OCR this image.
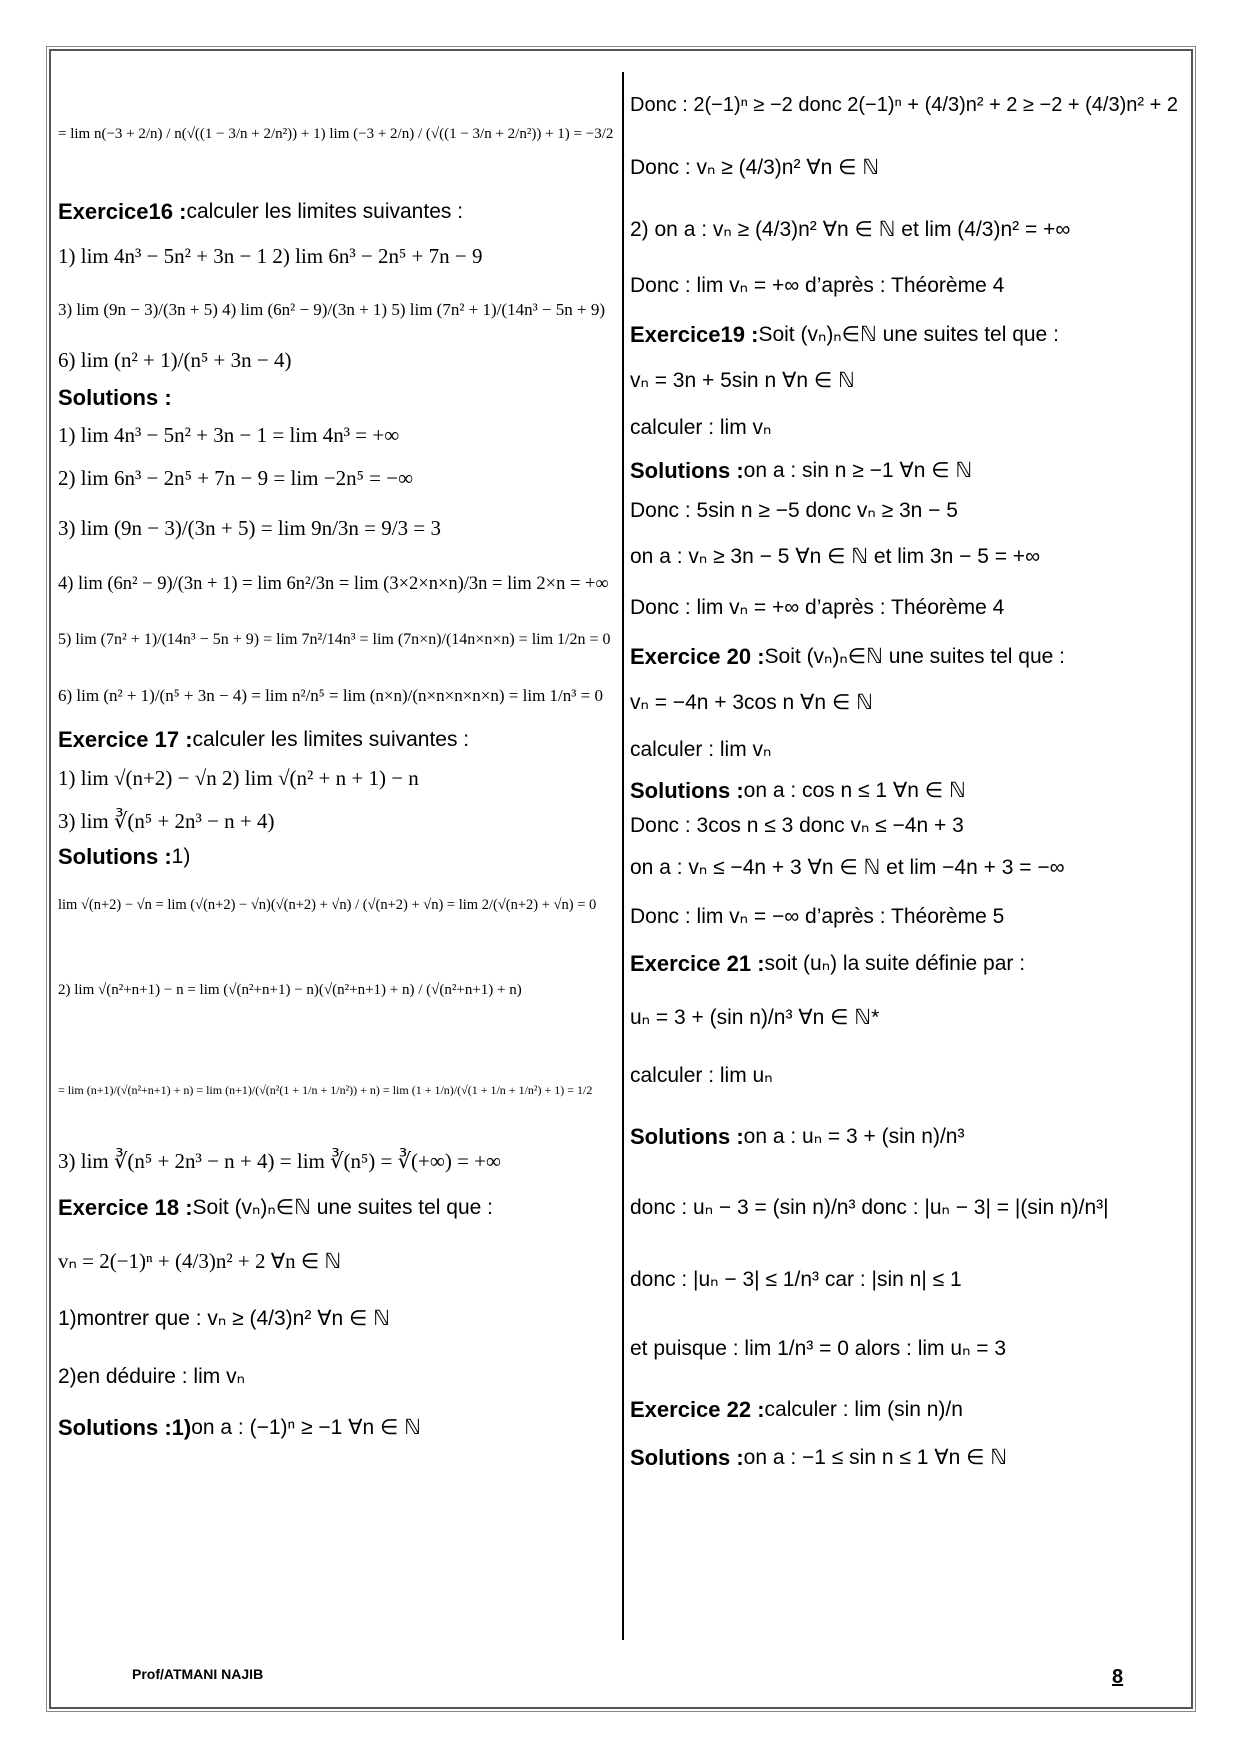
= lim n(−3 + 2/n) / n(√((1 − 3/n + 2/n²)) + 1) lim (−3 + 2/n) / (√((1 − 3/n + 2/n²)) + 1) = −3/2
Exercice16 : calculer les limites suivantes :
1) lim 4n³ − 5n² + 3n − 1 2) lim 6n³ − 2n⁵ + 7n − 9
3) lim (9n − 3)/(3n + 5) 4) lim (6n² − 9)/(3n + 1) 5) lim (7n² + 1)/(14n³ − 5n + 9)
6) lim (n² + 1)/(n⁵ + 3n − 4)
Solutions :
1) lim 4n³ − 5n² + 3n − 1 = lim 4n³ = +∞
2) lim 6n³ − 2n⁵ + 7n − 9 = lim −2n⁵ = −∞
3) lim (9n − 3)/(3n + 5) = lim 9n/3n = 9/3 = 3
4) lim (6n² − 9)/(3n + 1) = lim 6n²/3n = lim (3×2×n×n)/3n = lim 2×n = +∞
5) lim (7n² + 1)/(14n³ − 5n + 9) = lim 7n²/14n³ = lim (7n×n)/(14n×n×n) = lim 1/2n = 0
6) lim (n² + 1)/(n⁵ + 3n − 4) = lim n²/n⁵ = lim (n×n)/(n×n×n×n×n) = lim 1/n³ = 0
Exercice 17 : calculer les limites suivantes :
1) lim √(n+2) − √n 2) lim √(n² + n + 1) − n
3) lim ∛(n⁵ + 2n³ − n + 4)
Solutions : 1)
lim √(n+2) − √n = lim (√(n+2) − √n)(√(n+2) + √n) / (√(n+2) + √n) = lim 2/(√(n+2) + √n) = 0
2) lim √(n²+n+1) − n = lim (√(n²+n+1) − n)(√(n²+n+1) + n) / (√(n²+n+1) + n)
= lim (n+1)/(√(n²+n+1) + n) = lim (n+1)/(√(n²(1 + 1/n + 1/n²)) + n) = lim (1 + 1/n)/(√(1 + 1/n + 1/n²) + 1) = 1/2
3) lim ∛(n⁵ + 2n³ − n + 4) = lim ∛(n⁵) = ∛(+∞) = +∞
Exercice 18 : Soit (vₙ)ₙ∈ℕ une suites tel que :
vₙ = 2(−1)ⁿ + (4/3)n² + 2 ∀n ∈ ℕ
1)montrer que : vₙ ≥ (4/3)n² ∀n ∈ ℕ
2)en déduire : lim vₙ
Solutions :1) on a : (−1)ⁿ ≥ −1 ∀n ∈ ℕ
Donc : 2(−1)ⁿ ≥ −2 donc 2(−1)ⁿ + (4/3)n² + 2 ≥ −2 + (4/3)n² + 2
Donc : vₙ ≥ (4/3)n² ∀n ∈ ℕ
2) on a : vₙ ≥ (4/3)n² ∀n ∈ ℕ et lim (4/3)n² = +∞
Donc : lim vₙ = +∞ d’après : Théorème 4
Exercice19 : Soit (vₙ)ₙ∈ℕ une suites tel que :
vₙ = 3n + 5sin n ∀n ∈ ℕ
calculer : lim vₙ
Solutions : on a : sin n ≥ −1 ∀n ∈ ℕ
Donc : 5sin n ≥ −5 donc vₙ ≥ 3n − 5
on a : vₙ ≥ 3n − 5 ∀n ∈ ℕ et lim 3n − 5 = +∞
Donc : lim vₙ = +∞ d’après : Théorème 4
Exercice 20 : Soit (vₙ)ₙ∈ℕ une suites tel que :
vₙ = −4n + 3cos n ∀n ∈ ℕ
calculer : lim vₙ
Solutions : on a : cos n ≤ 1 ∀n ∈ ℕ
Donc : 3cos n ≤ 3 donc vₙ ≤ −4n + 3
on a : vₙ ≤ −4n + 3 ∀n ∈ ℕ et lim −4n + 3 = −∞
Donc : lim vₙ = −∞ d’après : Théorème 5
Exercice 21 : soit (uₙ) la suite définie par :
uₙ = 3 + (sin n)/n³ ∀n ∈ ℕ*
calculer : lim uₙ
Solutions : on a : uₙ = 3 + (sin n)/n³
donc : uₙ − 3 = (sin n)/n³ donc : |uₙ − 3| = |(sin n)/n³|
donc : |uₙ − 3| ≤ 1/n³ car : |sin n| ≤ 1
et puisque : lim 1/n³ = 0 alors : lim uₙ = 3
Exercice 22 : calculer : lim (sin n)/n
Solutions : on a : −1 ≤ sin n ≤ 1 ∀n ∈ ℕ
Prof/ATMANI NAJIB	8
